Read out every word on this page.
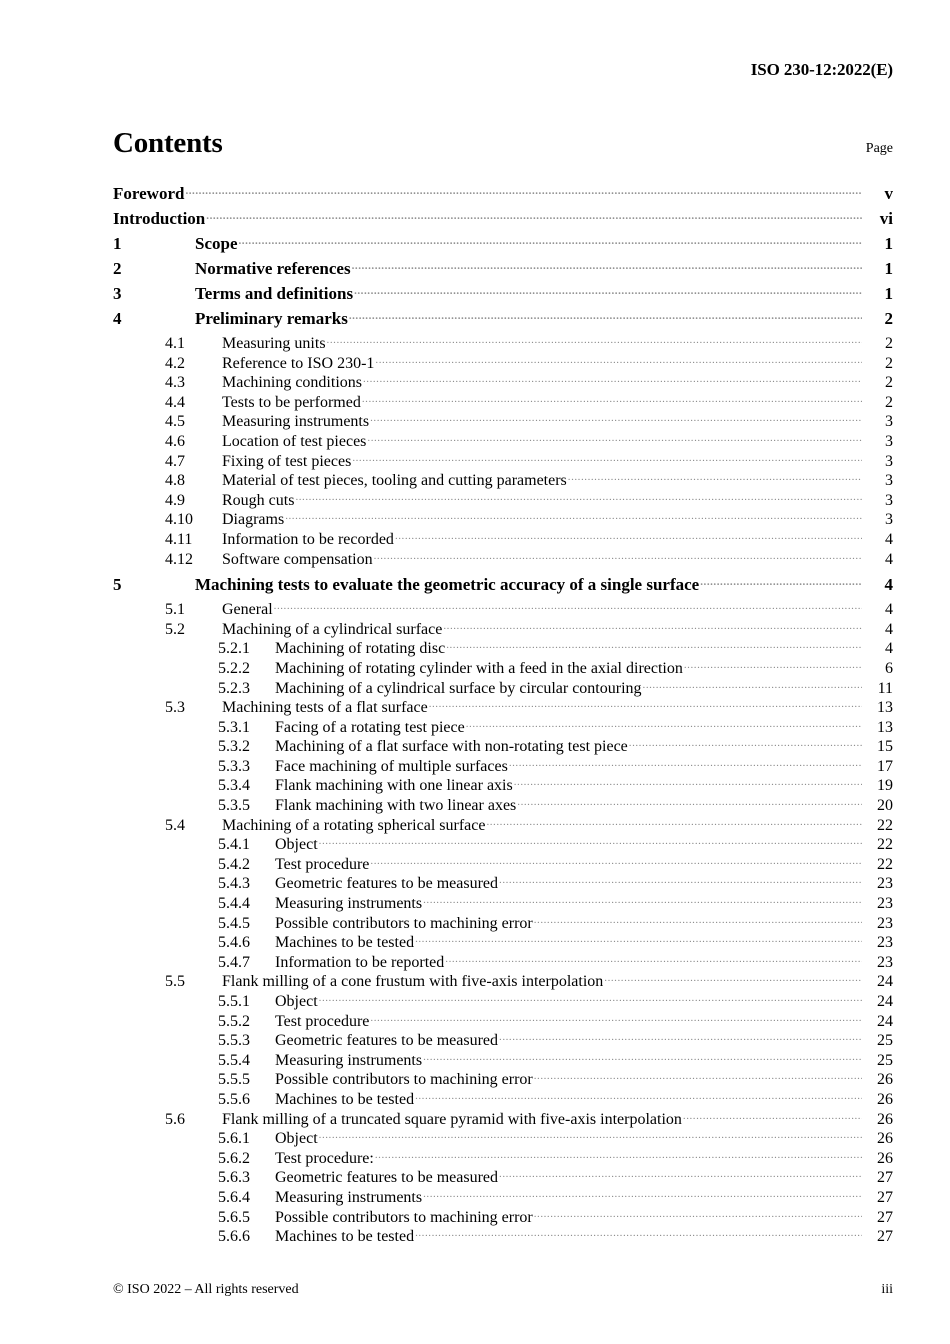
ISO 230-12:2022(E)
Contents	Page
Foreword .....	v
Introduction .....	vi
1	Scope .....	1
2	Normative references .....	1
3	Terms and definitions .....	1
4	Preliminary remarks .....	2
4.1	Measuring units .....	2
4.2	Reference to ISO 230-1 .....	2
4.3	Machining conditions .....	2
4.4	Tests to be performed .....	2
4.5	Measuring instruments .....	3
4.6	Location of test pieces .....	3
4.7	Fixing of test pieces .....	3
4.8	Material of test pieces, tooling and cutting parameters .....	3
4.9	Rough cuts .....	3
4.10	Diagrams .....	3
4.11	Information to be recorded .....	4
4.12	Software compensation .....	4
5	Machining tests to evaluate the geometric accuracy of a single surface .....	4
5.1	General .....	4
5.2	Machining of a cylindrical surface .....	4
5.2.1	Machining of rotating disc .....	4
5.2.2	Machining of rotating cylinder with a feed in the axial direction .....	6
5.2.3	Machining of a cylindrical surface by circular contouring .....	11
5.3	Machining tests of a flat surface .....	13
5.3.1	Facing of a rotating test piece .....	13
5.3.2	Machining of a flat surface with non-rotating test piece .....	15
5.3.3	Face machining of multiple surfaces .....	17
5.3.4	Flank machining with one linear axis .....	19
5.3.5	Flank machining with two linear axes .....	20
5.4	Machining of a rotating spherical surface .....	22
5.4.1	Object .....	22
5.4.2	Test procedure .....	22
5.4.3	Geometric features to be measured .....	23
5.4.4	Measuring instruments .....	23
5.4.5	Possible contributors to machining error .....	23
5.4.6	Machines to be tested .....	23
5.4.7	Information to be reported .....	23
5.5	Flank milling of a cone frustum with five-axis interpolation .....	24
5.5.1	Object .....	24
5.5.2	Test procedure .....	24
5.5.3	Geometric features to be measured .....	25
5.5.4	Measuring instruments .....	25
5.5.5	Possible contributors to machining error .....	26
5.5.6	Machines to be tested .....	26
5.6	Flank milling of a truncated square pyramid with five-axis interpolation .....	26
5.6.1	Object .....	26
5.6.2	Test procedure: .....	26
5.6.3	Geometric features to be measured .....	27
5.6.4	Measuring instruments .....	27
5.6.5	Possible contributors to machining error .....	27
5.6.6	Machines to be tested .....	27
© ISO 2022 – All rights reserved	iii
